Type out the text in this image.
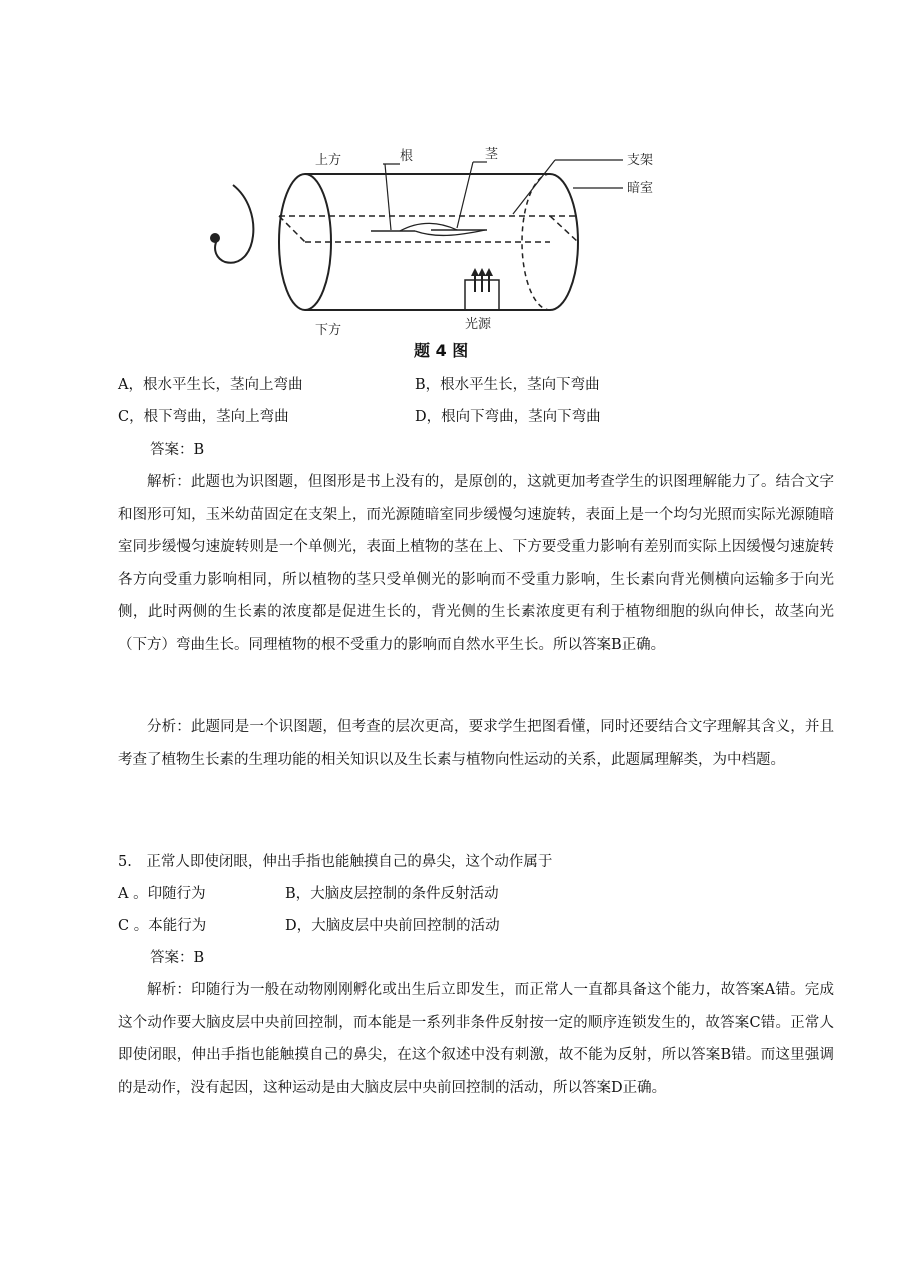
上方	根	茎	支架
暗室
下方	光源
题 4 图
A，根水平生长，茎向上弯曲	B，根水平生长，茎向下弯曲
C，根下弯曲，茎向上弯曲	D，根向下弯曲，茎向下弯曲
答案：B

解析：此题也为识图题，但图形是书上没有的，是原创的，这就更加考查学生的识图理解能力了。结合文字和图形可知，玉米幼苗固定在支架上，而光源随暗室同步缓慢匀速旋转，表面上是一个均匀光照而实际光源随暗室同步缓慢匀速旋转则是一个单侧光，表面上植物的茎在上、下方要受重力影响有差别而实际上因缓慢匀速旋转各方向受重力影响相同，所以植物的茎只受单侧光的影响而不受重力影响，生长素向背光侧横向运输多于向光侧，此时两侧的生长素的浓度都是促进生长的，背光侧的生长素浓度更有利于植物细胞的纵向伸长，故茎向光（下方）弯曲生长。同理植物的根不受重力的影响而自然水平生长。所以答案B正确。

分析：此题同是一个识图题，但考查的层次更高，要求学生把图看懂，同时还要结合文字理解其含义，并且考查了植物生长素的生理功能的相关知识以及生长素与植物向性运动的关系，此题属理解类，为中档题。

5.　正常人即使闭眼，伸出手指也能触摸自己的鼻尖，这个动作属于
A 。印随行为	B，大脑皮层控制的条件反射活动
C 。本能行为	D，大脑皮层中央前回控制的活动
答案：B

解析：印随行为一般在动物刚刚孵化或出生后立即发生，而正常人一直都具备这个能力，故答案A错。完成这个动作要大脑皮层中央前回控制，而本能是一系列非条件反射按一定的顺序连锁发生的，故答案C错。正常人即使闭眼，伸出手指也能触摸自己的鼻尖，在这个叙述中没有刺激，故不能为反射，所以答案B错。而这里强调的是动作，没有起因，这种运动是由大脑皮层中央前回控制的活动，所以答案D正确。
